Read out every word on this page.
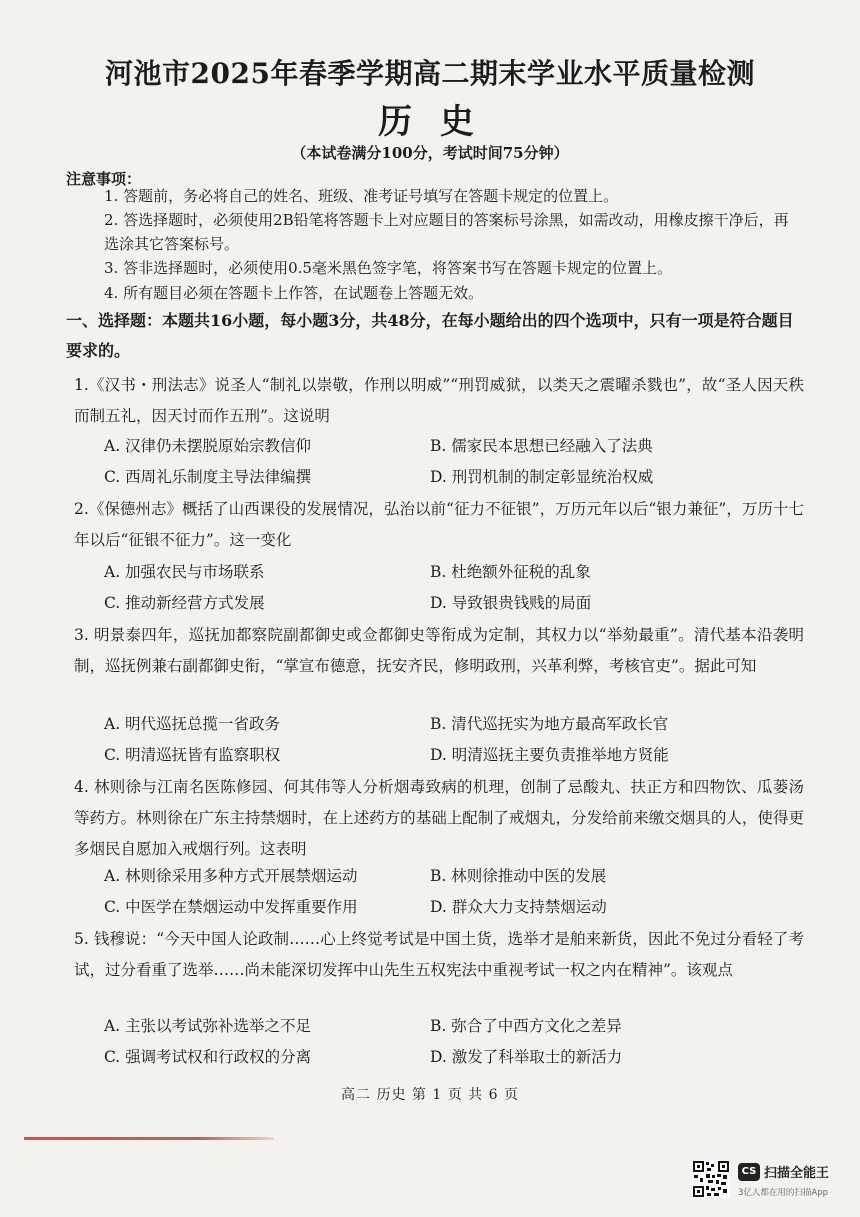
河池市2025年春季学期高二期末学业水平质量检测
历 史
（本试卷满分100分，考试时间75分钟）
注意事项：
1. 答题前，务必将自己的姓名、班级、准考证号填写在答题卡规定的位置上。
2. 答选择题时，必须使用2B铅笔将答题卡上对应题目的答案标号涂黑，如需改动，用橡皮擦干净后，再选涂其它答案标号。
3. 答非选择题时，必须使用0.5毫米黑色签字笔，将答案书写在答题卡规定的位置上。
4. 所有题目必须在答题卡上作答，在试题卷上答题无效。
一、选择题：本题共16小题，每小题3分，共48分，在每小题给出的四个选项中，只有一项是符合题目要求的。
1.《汉书・刑法志》说圣人“制礼以崇敬，作刑以明威”“刑罚威狱，以类天之震曜杀戮也”，故“圣人因天秩而制五礼，因天讨而作五刑”。这说明
A. 汉律仍未摆脱原始宗教信仰	B. 儒家民本思想已经融入了法典
C. 西周礼乐制度主导法律编撰	D. 刑罚机制的制定彰显统治权威
2.《保德州志》概括了山西课役的发展情况，弘治以前“征力不征银”，万历元年以后“银力兼征”，万历十七年以后“征银不征力”。这一变化
A. 加强农民与市场联系	B. 杜绝额外征税的乱象
C. 推动新经营方式发展	D. 导致银贵钱贱的局面
3. 明景泰四年，巡抚加都察院副都御史或佥都御史等衔成为定制，其权力以“举劾最重”。清代基本沿袭明制，巡抚例兼右副都御史衔，“掌宣布德意，抚安齐民，修明政刑，兴革利弊，考核官吏”。据此可知
A. 明代巡抚总揽一省政务	B. 清代巡抚实为地方最高军政长官
C. 明清巡抚皆有监察职权	D. 明清巡抚主要负责推举地方贤能
4. 林则徐与江南名医陈修园、何其伟等人分析烟毒致病的机理，创制了忌酸丸、扶正方和四物饮、瓜蒌汤等药方。林则徐在广东主持禁烟时，在上述药方的基础上配制了戒烟丸，分发给前来缴交烟具的人，使得更多烟民自愿加入戒烟行列。这表明
A. 林则徐采用多种方式开展禁烟运动	B. 林则徐推动中医的发展
C. 中医学在禁烟运动中发挥重要作用	D. 群众大力支持禁烟运动
5. 钱穆说：“今天中国人论政制……心上终觉考试是中国土货，选举才是舶来新货，因此不免过分看轻了考试，过分看重了选举……尚未能深切发挥中山先生五权宪法中重视考试一权之内在精神”。该观点
A. 主张以考试弥补选举之不足	B. 弥合了中西方文化之差异
C. 强调考试权和行政权的分离	D. 激发了科举取士的新活力
高二 历史 第 1 页 共 6 页
CS 扫描全能王
3亿人都在用的扫描App
